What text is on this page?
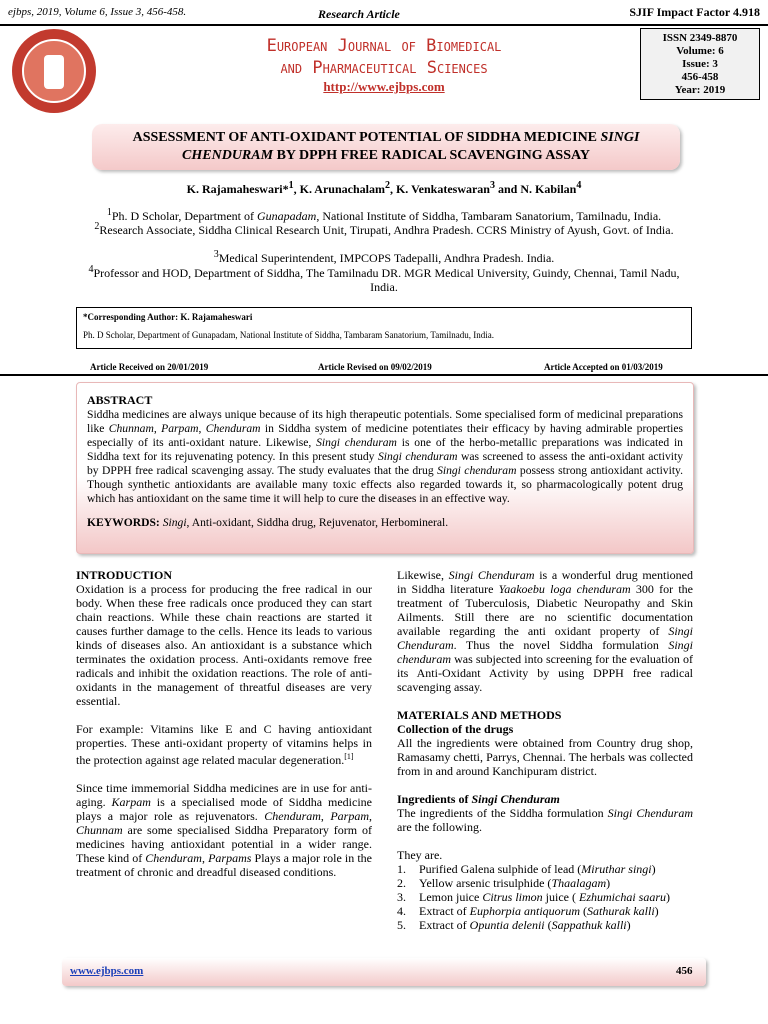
ejbps, 2019, Volume 6, Issue 3, 456-458.	Research Article	SJIF Impact Factor 4.918
European Journal of Biomedical
and Pharmaceutical Sciences
http://www.ejbps.com
ISSN 2349-8870
Volume: 6
Issue: 3
456-458
Year: 2019
ASSESSMENT OF ANTI-OXIDANT POTENTIAL OF SIDDHA MEDICINE SINGI
CHENDURAM BY DPPH FREE RADICAL SCAVENGING ASSAY
K. Rajamaheswari*$^1$, K. Arunachalam$^2$, K. Venkateswaran$^3$ and N. Kabilan$^4$
$^1$Ph. D Scholar, Department of Gunapadam, National Institute of Siddha, Tambaram Sanatorium, Tamilnadu, India.
$^2$Research Associate, Siddha Clinical Research Unit, Tirupati, Andhra Pradesh. CCRS Ministry of Ayush, Govt. of India.
$^3$Medical Superintendent, IMPCOPS Tadepalli, Andhra Pradesh. India.
$^4$Professor and HOD, Department of Siddha, The Tamilnadu DR. MGR Medical University, Guindy, Chennai, Tamil Nadu, India.
*Corresponding Author: K. Rajamaheswari
Ph. D Scholar, Department of Gunapadam, National Institute of Siddha, Tambaram Sanatorium, Tamilnadu, India.
Article Received on 20/01/2019	Article Revised on 09/02/2019	Article Accepted on 01/03/2019
ABSTRACT
Siddha medicines are always unique because of its high therapeutic potentials. Some specialised form of medicinal preparations like Chunnam, Parpam, Chenduram in Siddha system of medicine potentiates their efficacy by having admirable properties especially of its anti-oxidant nature. Likewise, Singi chenduram is one of the herbo-metallic preparations was indicated in Siddha text for its rejuvenating potency. In this present study Singi chenduram was screened to assess the anti-oxidant activity by DPPH free radical scavenging assay. The study evaluates that the drug Singi chenduram possess strong antioxidant activity. Though synthetic antioxidants are available many toxic effects also regarded towards it, so pharmacologically potent drug which has antioxidant on the same time it will help to cure the diseases in an effective way.
KEYWORDS: Singi, Anti-oxidant, Siddha drug, Rejuvenator, Herbomineral.

INTRODUCTION

Oxidation is a process for producing the free radical in our body. When these free radicals once produced they can start chain reactions. While these chain reactions are started it causes further damage to the cells. Hence its leads to various kinds of diseases also. An antioxidant is a substance which terminates the oxidation process. Anti-oxidants remove free radicals and inhibit the oxidation reactions. The role of anti-oxidants in the management of threatful diseases are very essential.

For example: Vitamins like E and C having antioxidant properties. These anti-oxidant property of vitamins helps in the protection against age related macular degeneration.[1]

Since time immemorial Siddha medicines are in use for anti-aging. Karpam is a specialised mode of Siddha medicine plays a major role as rejuvenators. Chenduram, Parpam, Chunnam are some specialised Siddha Preparatory form of medicines having antioxidant potential in a wider range. These kind of Chenduram, Parpams Plays a major role in the treatment of chronic and dreadful diseased conditions.

Likewise, Singi Chenduram is a wonderful drug mentioned in Siddha literature Yaakoebu loga chenduram 300 for the treatment of Tuberculosis, Diabetic Neuropathy and Skin Ailments. Still there are no scientific documentation available regarding the anti oxidant property of Singi Chenduram. Thus the novel Siddha formulation Singi chenduram was subjected into screening for the evaluation of its Anti-Oxidant Activity by using DPPH free radical scavenging assay.

MATERIALS AND METHODS

Collection of the drugs

All the ingredients were obtained from Country drug shop, Ramasamy chetti, Parrys, Chennai. The herbals was collected from in and around Kanchipuram district.

Ingredients of Singi Chenduram

The ingredients of the Siddha formulation Singi Chenduram are the following.

They are.

1. Purified Galena sulphide of lead (Miruthar singi)
2. Yellow arsenic trisulphide (Thaalagam)
3. Lemon juice Citrus limon juice ( Ezhumichai saaru)
4. Extract of Euphorpia antiquorum (Sathurak kalli)
5. Extract of Opuntia delenii (Sappathuk kalli)
www.ejbps.com	456
